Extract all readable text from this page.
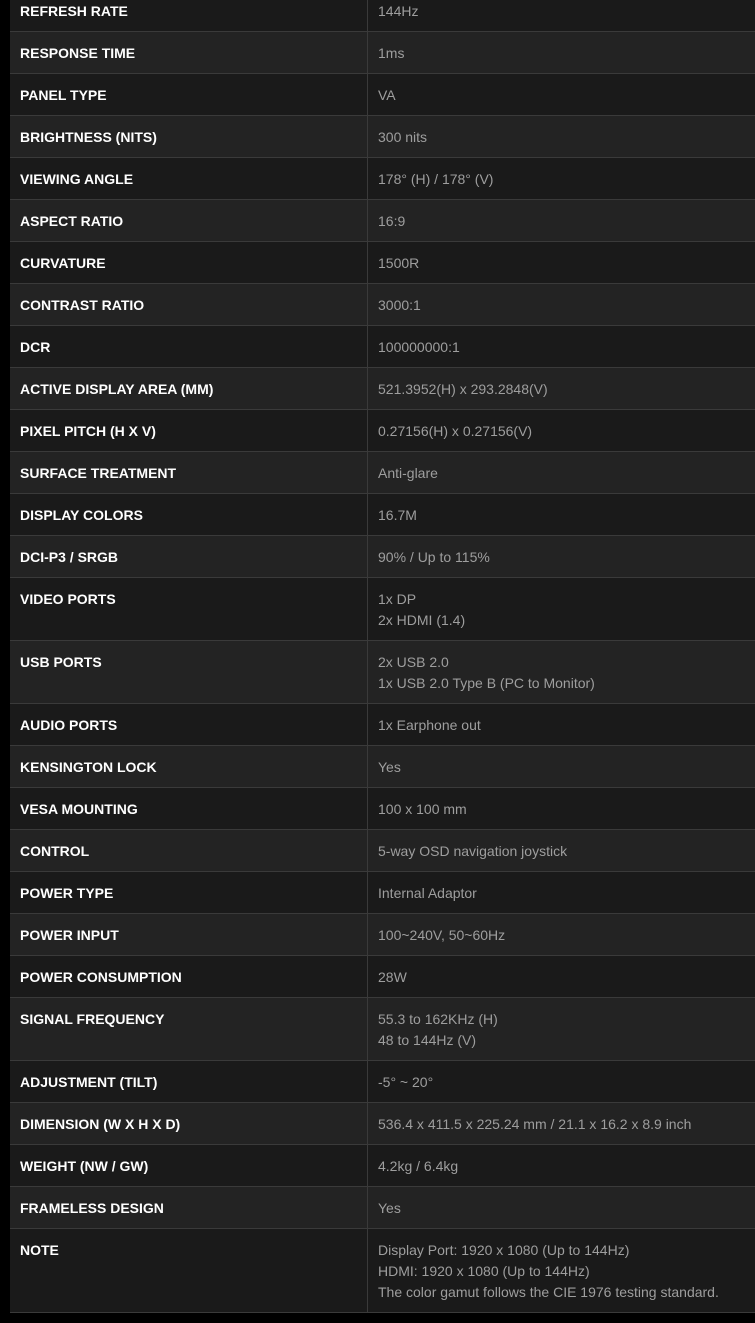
REFRESH RATE	144Hz
RESPONSE TIME	1ms
PANEL TYPE	VA
BRIGHTNESS (NITS)	300 nits
VIEWING ANGLE	178° (H) / 178° (V)
ASPECT RATIO	16:9
CURVATURE	1500R
CONTRAST RATIO	3000:1
DCR	100000000:1
ACTIVE DISPLAY AREA (MM)	521.3952(H) x 293.2848(V)
PIXEL PITCH (H X V)	0.27156(H) x 0.27156(V)
SURFACE TREATMENT	Anti-glare
DISPLAY COLORS	16.7M
DCI-P3 / SRGB	90% / Up to 115%
VIDEO PORTS	1x DP
2x HDMI (1.4)
USB PORTS	2x USB 2.0
1x USB 2.0 Type B (PC to Monitor)
AUDIO PORTS	1x Earphone out
KENSINGTON LOCK	Yes
VESA MOUNTING	100 x 100 mm
CONTROL	5-way OSD navigation joystick
POWER TYPE	Internal Adaptor
POWER INPUT	100~240V, 50~60Hz
POWER CONSUMPTION	28W
SIGNAL FREQUENCY	55.3 to 162KHz (H)
48 to 144Hz (V)
ADJUSTMENT (TILT)	-5° ~ 20°
DIMENSION (W X H X D)	536.4 x 411.5 x 225.24 mm / 21.1 x 16.2 x 8.9 inch
WEIGHT (NW / GW)	4.2kg / 6.4kg
FRAMELESS DESIGN	Yes
NOTE	Display Port: 1920 x 1080 (Up to 144Hz)
HDMI: 1920 x 1080 (Up to 144Hz)
The color gamut follows the CIE 1976 testing standard.
